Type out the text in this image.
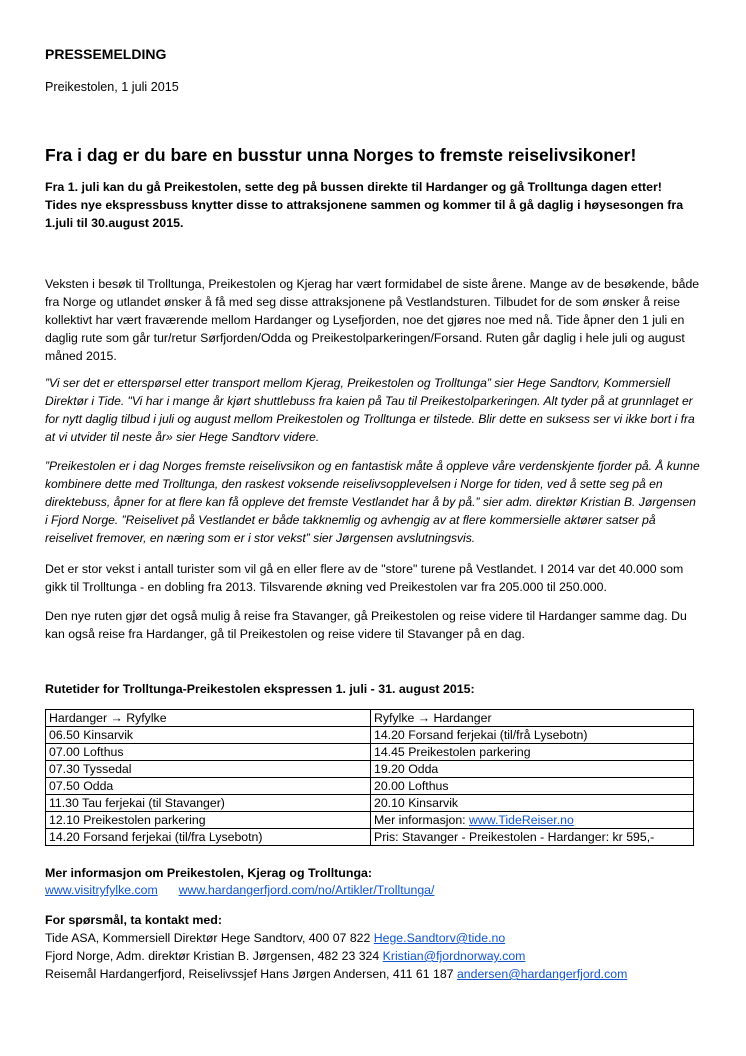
PRESSEMELDING
Preikestolen, 1 juli 2015
Fra i dag er du bare en busstur unna Norges to fremste reiselivsikoner!

Fra 1. juli kan du gå Preikestolen, sette deg på bussen direkte til Hardanger og gå Trolltunga dagen etter! Tides nye ekspressbuss knytter disse to attraksjonene sammen og kommer til å gå daglig i høysesongen fra 1.juli til 30.august 2015.

Veksten i besøk til Trolltunga, Preikestolen og Kjerag har vært formidabel de siste årene. Mange av de besøkende, både fra Norge og utlandet ønsker å få med seg disse attraksjonene på Vestlandsturen. Tilbudet for de som ønsker å reise kollektivt har vært fraværende mellom Hardanger og Lysefjorden, noe det gjøres noe med nå. Tide åpner den 1 juli en daglig rute som går tur/retur Sørfjorden/Odda og Preikestolparkeringen/Forsand. Ruten går daglig i hele juli og august måned 2015.

”Vi ser det er etterspørsel etter transport mellom Kjerag, Preikestolen og Trolltunga” sier Hege Sandtorv, Kommersiell Direktør i Tide. "Vi har i mange år kjørt shuttlebuss fra kaien på Tau til Preikestolparkeringen. Alt tyder på at grunnlaget er for nytt daglig tilbud i juli og august mellom Preikestolen og Trolltunga er tilstede. Blir dette en suksess ser vi ikke bort i fra at vi utvider til neste år» sier Hege Sandtorv videre.

”Preikestolen er i dag Norges fremste reiselivsikon og en fantastisk måte å oppleve våre verdenskjente fjorder på. Å kunne kombinere dette med Trolltunga, den raskest voksende reiselivsopplevelsen i Norge for tiden, ved å sette seg på en direktebuss, åpner for at flere kan få oppleve det fremste Vestlandet har å by på.” sier adm. direktør Kristian B. Jørgensen i Fjord Norge. ”Reiselivet på Vestlandet er både takknemlig og avhengig av at flere kommersielle aktører satser på reiselivet fremover, en næring som er i stor vekst” sier Jørgensen avslutningsvis.

Det er stor vekst i antall turister som vil gå en eller flere av de "store" turene på Vestlandet. I 2014 var det 40.000 som gikk til Trolltunga - en dobling fra 2013. Tilsvarende økning ved Preikestolen var fra 205.000 til 250.000.

Den nye ruten gjør det også mulig å reise fra Stavanger, gå Preikestolen og reise videre til Hardanger samme dag. Du kan også reise fra Hardanger, gå til Preikestolen og reise videre til Stavanger på en dag.

Rutetider for Trolltunga-Preikestolen ekspressen 1. juli - 31. august 2015:
Hardanger → Ryfylke	Ryfylke → Hardanger
06.50 Kinsarvik	14.20 Forsand ferjekai (til/frå Lysebotn)
07.00 Lofthus	14.45 Preikestolen parkering
07.30 Tyssedal	19.20 Odda
07.50 Odda	20.00 Lofthus
11.30 Tau ferjekai (til Stavanger)	20.10 Kinsarvik
12.10 Preikestolen parkering	Mer informasjon: www.TideReiser.no
14.20 Forsand ferjekai (til/fra Lysebotn)	Pris: Stavanger - Preikestolen - Hardanger: kr 595,-
Mer informasjon om Preikestolen, Kjerag og Trolltunga:
www.visitryfylke.com www.hardangerfjord.com/no/Artikler/Trolltunga/
For spørsmål, ta kontakt med:
Tide ASA, Kommersiell Direktør Hege Sandtorv, 400 07 822 Hege.Sandtorv@tide.no
Fjord Norge, Adm. direktør Kristian B. Jørgensen, 482 23 324 Kristian@fjordnorway.com
Reisemål Hardangerfjord, Reiselivssjef Hans Jørgen Andersen, 411 61 187 andersen@hardangerfjord.com
